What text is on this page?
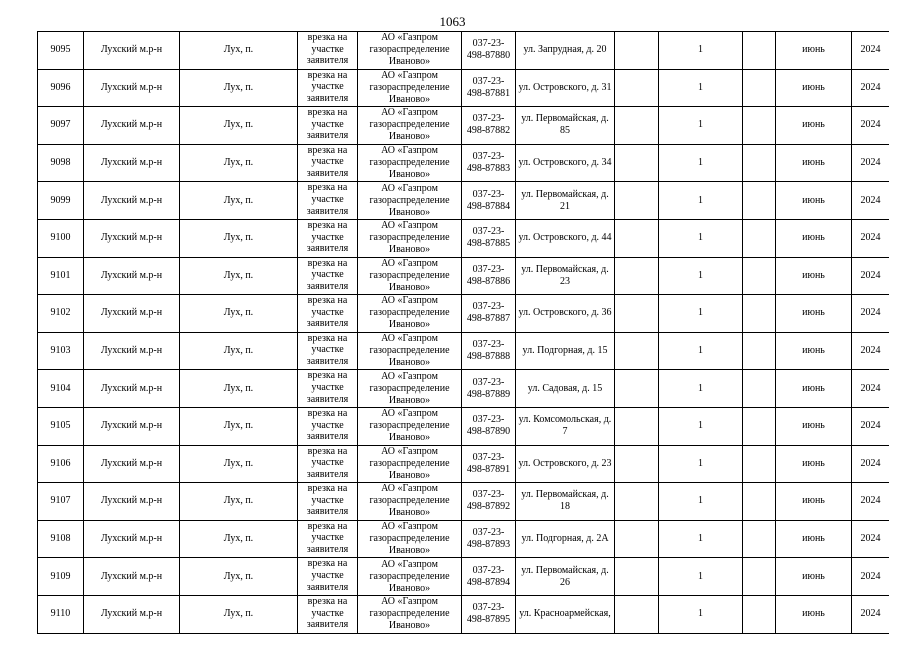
1063
9095	Лухский м.р-н	Лух, п.	врезка на участке заявителя	АО «Газпром газораспределение Иваново»	037-23-498-87880	ул. Запрудная, д. 20		1		июнь	2024
9096	Лухский м.р-н	Лух, п.	врезка на участке заявителя	АО «Газпром газораспределение Иваново»	037-23-498-87881	ул. Островского, д. 31		1		июнь	2024
9097	Лухский м.р-н	Лух, п.	врезка на участке заявителя	АО «Газпром газораспределение Иваново»	037-23-498-87882	ул. Первомайская, д. 85		1		июнь	2024
9098	Лухский м.р-н	Лух, п.	врезка на участке заявителя	АО «Газпром газораспределение Иваново»	037-23-498-87883	ул. Островского, д. 34		1		июнь	2024
9099	Лухский м.р-н	Лух, п.	врезка на участке заявителя	АО «Газпром газораспределение Иваново»	037-23-498-87884	ул. Первомайская, д. 21		1		июнь	2024
9100	Лухский м.р-н	Лух, п.	врезка на участке заявителя	АО «Газпром газораспределение Иваново»	037-23-498-87885	ул. Островского, д. 44		1		июнь	2024
9101	Лухский м.р-н	Лух, п.	врезка на участке заявителя	АО «Газпром газораспределение Иваново»	037-23-498-87886	ул. Первомайская, д. 23		1		июнь	2024
9102	Лухский м.р-н	Лух, п.	врезка на участке заявителя	АО «Газпром газораспределение Иваново»	037-23-498-87887	ул. Островского, д. 36		1		июнь	2024
9103	Лухский м.р-н	Лух, п.	врезка на участке заявителя	АО «Газпром газораспределение Иваново»	037-23-498-87888	ул. Подгорная, д. 15		1		июнь	2024
9104	Лухский м.р-н	Лух, п.	врезка на участке заявителя	АО «Газпром газораспределение Иваново»	037-23-498-87889	ул. Садовая, д. 15		1		июнь	2024
9105	Лухский м.р-н	Лух, п.	врезка на участке заявителя	АО «Газпром газораспределение Иваново»	037-23-498-87890	ул. Комсомольская, д. 7		1		июнь	2024
9106	Лухский м.р-н	Лух, п.	врезка на участке заявителя	АО «Газпром газораспределение Иваново»	037-23-498-87891	ул. Островского, д. 23		1		июнь	2024
9107	Лухский м.р-н	Лух, п.	врезка на участке заявителя	АО «Газпром газораспределение Иваново»	037-23-498-87892	ул. Первомайская, д. 18		1		июнь	2024
9108	Лухский м.р-н	Лух, п.	врезка на участке заявителя	АО «Газпром газораспределение Иваново»	037-23-498-87893	ул. Подгорная, д. 2А		1		июнь	2024
9109	Лухский м.р-н	Лух, п.	врезка на участке заявителя	АО «Газпром газораспределение Иваново»	037-23-498-87894	ул. Первомайская, д. 26		1		июнь	2024
9110	Лухский м.р-н	Лух, п.	врезка на участке заявителя	АО «Газпром газораспределение Иваново»	037-23-498-87895	ул. Красноармейская,		1		июнь	2024
